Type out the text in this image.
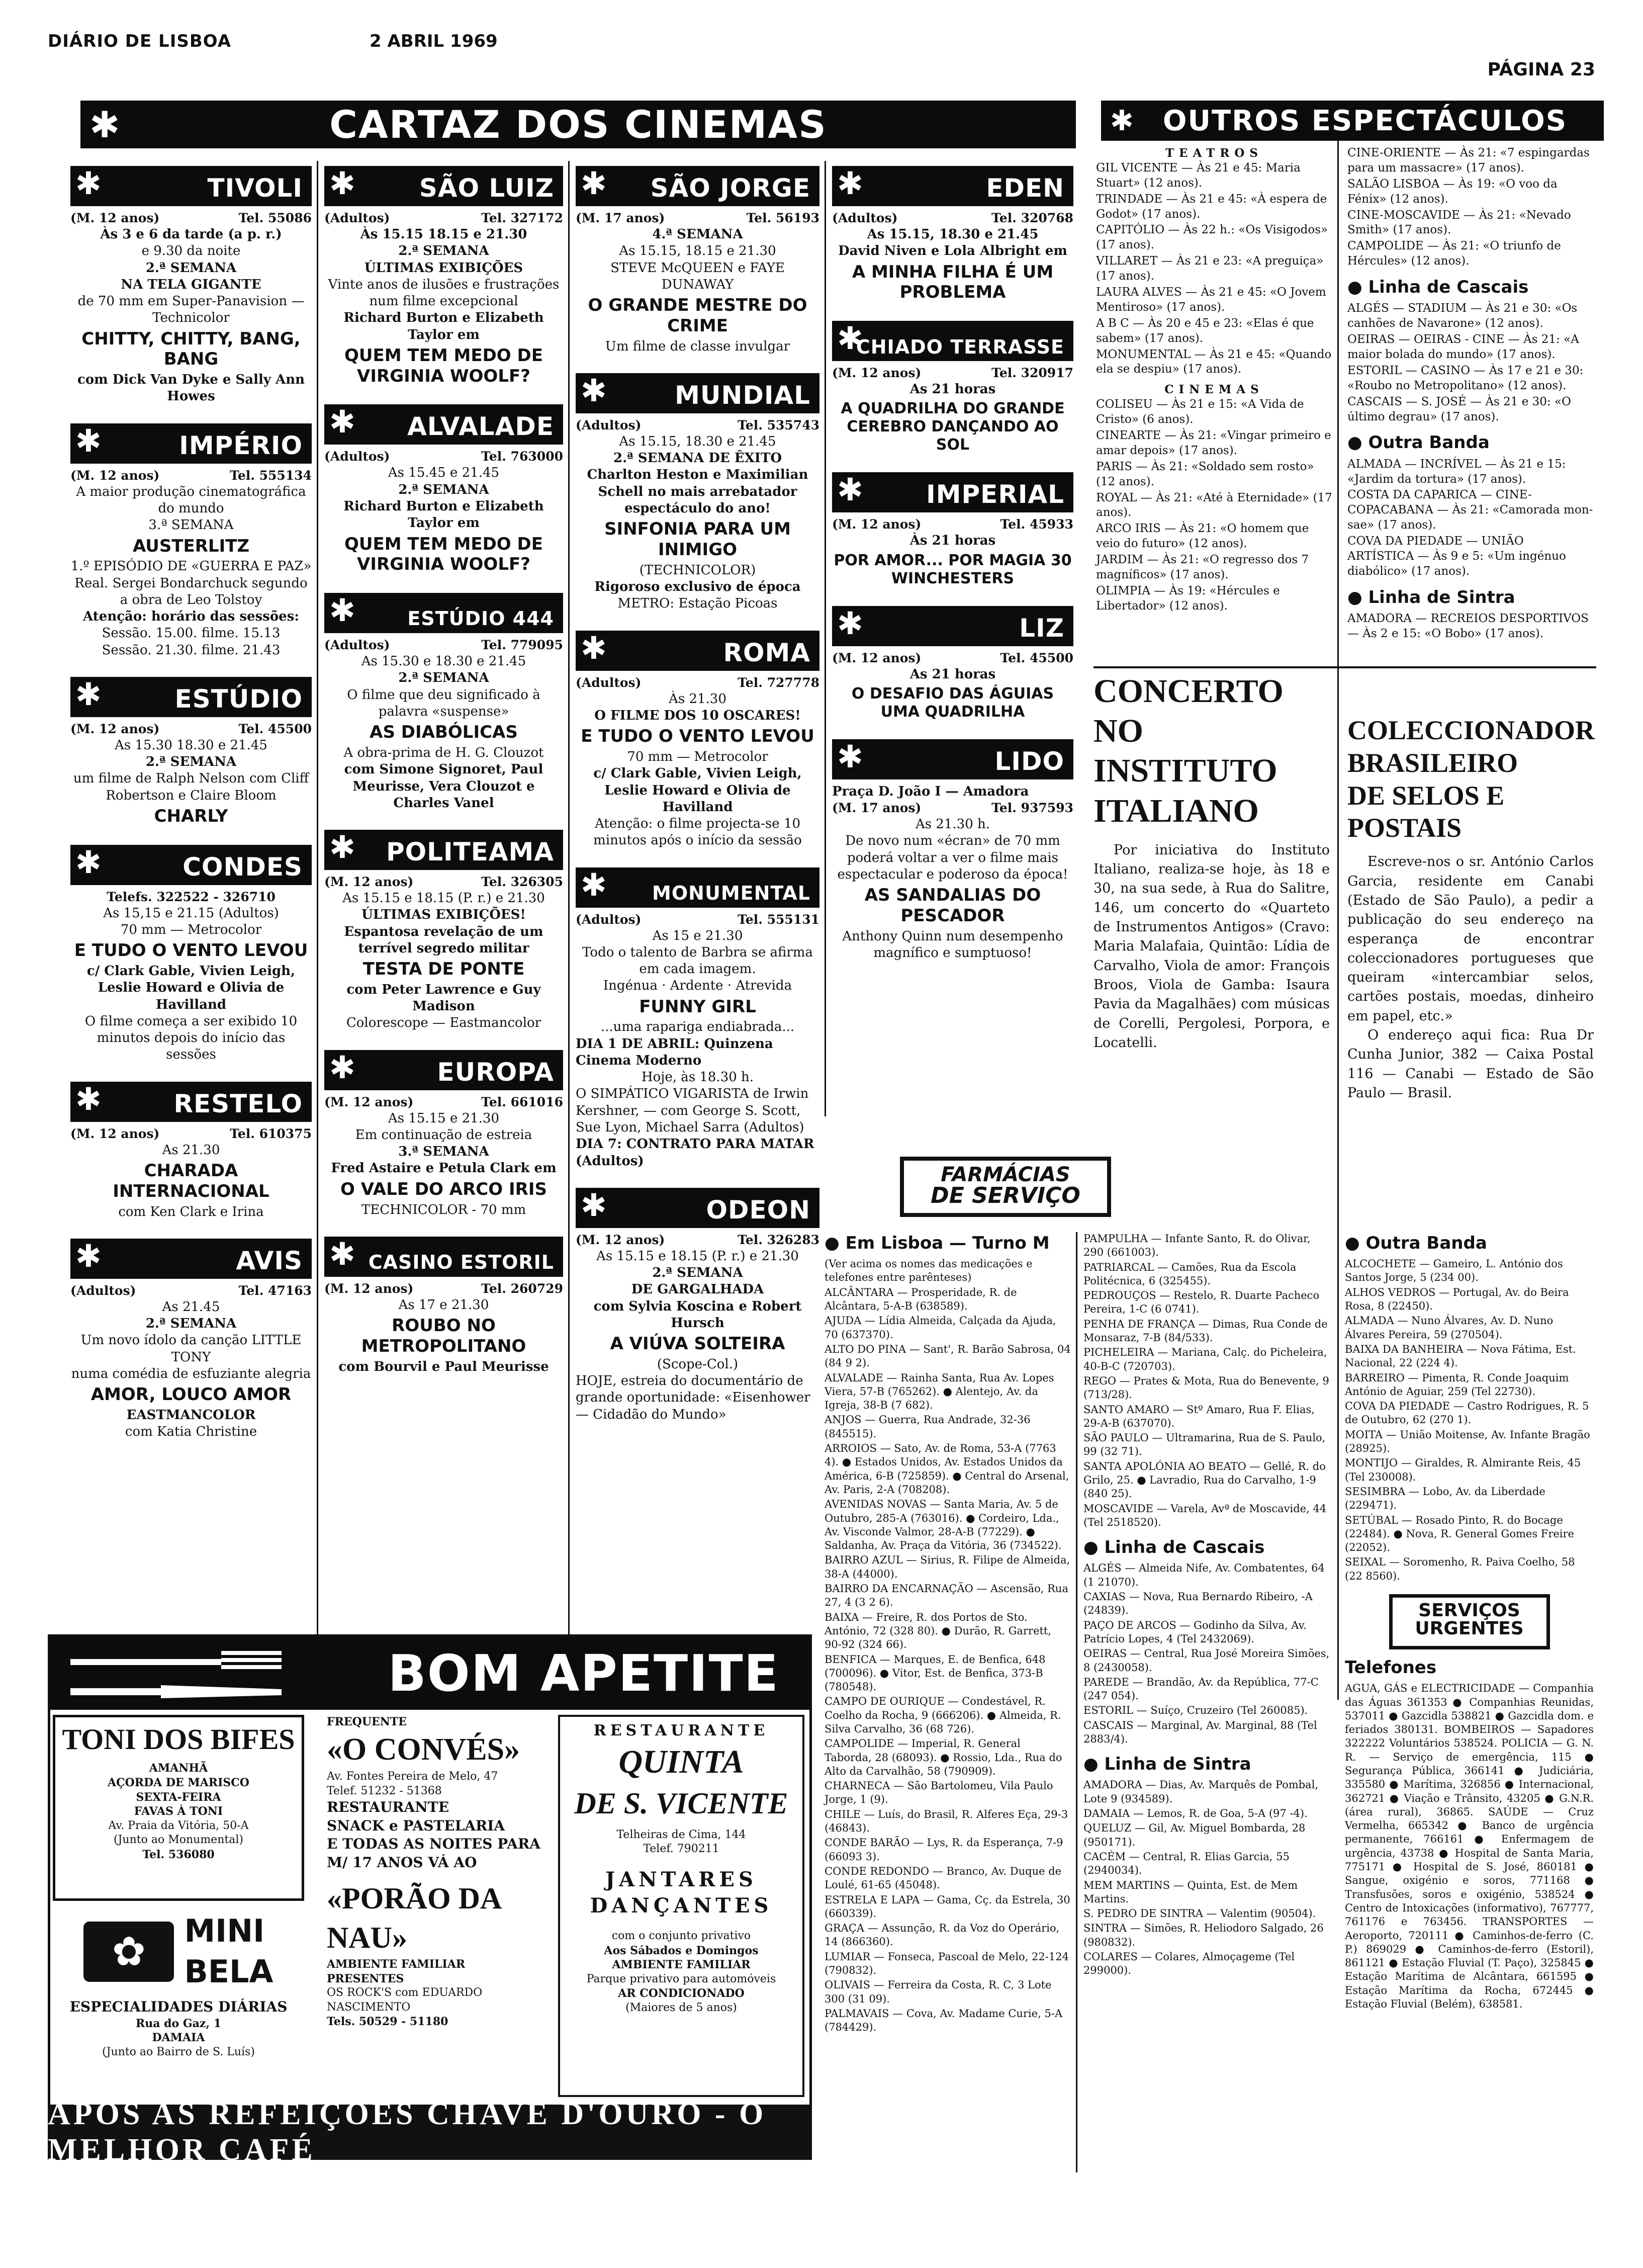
DIÁRIO DE LISBOA	2 ABRIL 1969
PÁGINA 23
✱	CARTAZ DOS CINEMAS
✱	TIVOLI
(M. 12 anos)	Tel. 55086
Às 3 e 6 da tarde (a p. r.)
e 9.30 da noite
2.ª SEMANA
NA TELA GIGANTE
de 70 mm em Super-Panavision — Technicolor
CHITTY, CHITTY, BANG, BANG
com Dick Van Dyke e Sally Ann Howes
✱	IMPÉRIO
(M. 12 anos)	Tel. 555134
A maior produção cinematográfica do mundo
3.ª SEMANA
AUSTERLITZ
1.º EPISÓDIO DE «GUERRA E PAZ»
Real. Sergei Bondarchuck segundo a obra de Leo Tolstoy
Atenção: horário das sessões:
Sessão. 15.00. filme. 15.13
Sessão. 21.30. filme. 21.43
✱	ESTÚDIO
(M. 12 anos)	Tel. 45500
As 15.30 18.30 e 21.45
2.ª SEMANA
um filme de Ralph Nelson com Cliff Robertson e Claire Bloom
CHARLY
✱	CONDES
Telefs. 322522 - 326710
As 15,15 e 21.15 (Adultos)
70 mm — Metrocolor
E TUDO O VENTO LEVOU
c/ Clark Gable, Vivien Leigh, Leslie Howard e Olivia de Havilland
O filme começa a ser exibido 10 minutos depois do início das sessões
✱	RESTELO
(M. 12 anos)	Tel. 610375
As 21.30
CHARADA INTERNACIONAL
com Ken Clark e Irina
✱	AVIS
(Adultos)	Tel. 47163
As 21.45
2.ª SEMANA
Um novo ídolo da canção LITTLE TONY
numa comédia de esfuziante alegria
AMOR, LOUCO AMOR
EASTMANCOLOR
com Katia Christine
✱	SÃO LUIZ
(Adultos)	Tel. 327172
Às 15.15 18.15 e 21.30
2.ª SEMANA
ÚLTIMAS EXIBIÇÕES
Vinte anos de ilusões e frustrações num filme excepcional
Richard Burton e Elizabeth Taylor em
QUEM TEM MEDO DE VIRGINIA WOOLF?
✱ ALVALADE
(Adultos)	Tel. 763000
As 15.45 e 21.45
2.ª SEMANA
Richard Burton e Elizabeth Taylor em
QUEM TEM MEDO DE VIRGINIA WOOLF?
✱	ESTÚDIO 444
(Adultos)	Tel. 779095
As 15.30 e 18.30 e 21.45
2.ª SEMANA
O filme que deu significado à palavra «suspense»
AS DIABÓLICAS
A obra-prima de H. G. Clouzot
com Simone Signoret, Paul Meurisse, Vera Clouzot e Charles Vanel
✱ POLITEAMA
(M. 12 anos)	Tel. 326305
As 15.15 e 18.15 (P. r.) e 21.30
ÚLTIMAS EXIBIÇÕES!
Espantosa revelação de um terrível segredo militar
TESTA DE PONTE
com Peter Lawrence e Guy Madison
Colorescope — Eastmancolor
✱	EUROPA
(M. 12 anos)	Tel. 661016
As 15.15 e 21.30
Em continuação de estreia
3.ª SEMANA
Fred Astaire e Petula Clark em
O VALE DO ARCO IRIS
TECHNICOLOR - 70 mm
✱ CASINO ESTORIL
(M. 12 anos)	Tel. 260729
As 17 e 21.30
ROUBO NO METROPOLITANO
com Bourvil e Paul Meurisse
✱ SÃO JORGE
(M. 17 anos)	Tel. 56193
4.ª SEMANA
As 15.15, 18.15 e 21.30
STEVE McQUEEN e FAYE DUNAWAY
O GRANDE MESTRE DO CRIME
Um filme de classe invulgar
✱	MUNDIAL
(Adultos)	Tel. 535743
As 15.15, 18.30 e 21.45
2.ª SEMANA DE ÊXITO
Charlton Heston e Maximilian Schell no mais arrebatador espectáculo do ano!
SINFONIA PARA UM INIMIGO
(TECHNICOLOR)
Rigoroso exclusivo de época
METRO: Estação Picoas
✱	ROMA
(Adultos)	Tel. 727778
Às 21.30
O FILME DOS 10 OSCARES!
E TUDO O VENTO LEVOU
70 mm — Metrocolor
c/ Clark Gable, Vivien Leigh, Leslie Howard e Olivia de Havilland
Atenção: o filme projecta-se 10 minutos após o início da sessão
✱ MONUMENTAL
(Adultos)	Tel. 555131
As 15 e 21.30
Todo o talento de Barbra se afirma em cada imagem.
Ingénua · Ardente · Atrevida
FUNNY GIRL
...uma rapariga endiabrada...
DIA 1 DE ABRIL: Quinzena Cinema Moderno
Hoje, às 18.30 h.
O SIMPÁTICO VIGARISTA de Irwin Kershner, — com George S. Scott, Sue Lyon, Michael Sarra (Adultos)
DIA 7: CONTRATO PARA MATAR (Adultos)
✱	ODEON
(M. 12 anos)	Tel. 326283
As 15.15 e 18.15 (P. r.) e 21.30
2.ª SEMANA
DE GARGALHADA
com Sylvia Koscina e Robert Hursch
A VIÚVA SOLTEIRA
(Scope-Col.)
HOJE, estreia do documentário de grande oportunidade: «Eisenhower — Cidadão do Mundo»
✱	EDEN
(Adultos)	Tel. 320768
As 15.15, 18.30 e 21.45
David Niven e Lola Albright em
A MINHA FILHA É UM PROBLEMA
✱
CHIADO TERRASSE
(M. 12 anos)	Tel. 320917
As 21 horas
A QUADRILHA DO GRANDE CEREBRO DANÇANDO AO SOL
✱ IMPERIAL
(M. 12 anos)	Tel. 45933
Às 21 horas
POR AMOR... POR MAGIA 30 WINCHESTERS
✱	LIZ
(M. 12 anos)	Tel. 45500
As 21 horas
O DESAFIO DAS ÁGUIAS UMA QUADRILHA
✱	LIDO
Praça D. João I — Amadora
(M. 17 anos)	Tel. 937593
As 21.30 h.
De novo num «écran» de 70 mm poderá voltar a ver o filme mais espectacular e poderoso da época!
AS SANDALIAS DO PESCADOR
Anthony Quinn num desempenho magnífico e sumptuoso!
✱ OUTROS ESPECTÁCULOS
TEATROS
GIL VICENTE — Às 21 e 45: Maria Stuart» (12 anos).
TRINDADE — Às 21 e 45: «À espera de Godot» (17 anos).
CAPITÓLIO — Às 22 h.: «Os Visigodos» (17 anos).
VILLARET — Às 21 e 23: «A preguiça» (17 anos).
LAURA ALVES — Às 21 e 45: «O Jovem Mentiroso» (17 anos).
A B C — Às 20 e 45 e 23: «Elas é que sabem» (17 anos).
MONUMENTAL — Às 21 e 45: «Quando ela se despiu» (17 anos).
CINEMAS
COLISEU — Às 21 e 15: «A Vida de Cristo» (6 anos).
CINEARTE — Às 21: «Vingar primeiro e amar depois» (17 anos).
PARIS — Às 21: «Soldado sem rosto» (12 anos).
ROYAL — Às 21: «Até à Eternidade» (17 anos).
ARCO IRIS — Às 21: «O homem que veio do futuro» (12 anos).
JARDIM — Às 21: «O regresso dos 7 magníficos» (17 anos).
OLIMPIA — Às 19: «Hércules e Libertador» (12 anos).
CINE-ORIENTE — Às 21: «7 espingardas para um massacre» (17 anos).
SALÃO LISBOA — Às 19: «O voo da Fénix» (12 anos).
CINE-MOSCAVIDE — Às 21: «Nevado Smith» (17 anos).
CAMPOLIDE — Às 21: «O triunfo de Hércules» (12 anos).
● Linha de Cascais
ALGÉS — STADIUM — Às 21 e 30: «Os canhões de Navarone» (12 anos).
OEIRAS — OEIRAS - CINE — Às 21: «A maior bolada do mundo» (17 anos).
ESTORIL — CASINO — Às 17 e 21 e 30: «Roubo no Metropolitano» (12 anos).
CASCAIS — S. JOSÉ — Às 21 e 30: «O último degrau» (17 anos).
● Outra Banda
ALMADA — INCRÍVEL — Às 21 e 15: «Jardim da tortura» (17 anos).
COSTA DA CAPARICA — CINE-COPACABANA — Às 21: «Camorada mon-sae» (17 anos).
COVA DA PIEDADE — UNIÃO ARTÍSTICA — Às 9 e 5: «Um ingénuo diabólico» (17 anos).
● Linha de Sintra
AMADORA — RECREIOS DESPORTIVOS — Às 2 e 15: «O Bobo» (17 anos).
CONCERTO
NO INSTITUTO
ITALIANO
Por iniciativa do Instituto Italiano, realiza-se hoje, às 18 e 30, na sua sede, à Rua do Salitre, 146, um concerto do «Quarteto de Instrumentos Antigos» (Cravo: Maria Malafaia, Quintão: Lídia de Carvalho, Viola de amor: François Broos, Viola de Gamba: Isaura Pavia da Magalhães) com músicas de Corelli, Pergolesi, Porpora, e Locatelli.
COLECCIONADOR
BRASILEIRO
DE SELOS E POSTAIS
Escreve-nos o sr. António Carlos Garcia, residente em Canabi (Estado de São Paulo), a pedir a publicação do seu endereço na esperança de encontrar coleccionadores portugueses que queiram «intercambiar selos, cartões postais, moedas, dinheiro em papel, etc.»
O endereço aqui fica: Rua Dr Cunha Junior, 382 — Caixa Postal 116 — Canabi — Estado de São Paulo — Brasil.
FARMÁCIAS
DE SERVIÇO
● Em Lisboa — Turno M
(Ver acima os nomes das medicações e telefones entre parênteses)
ALCÂNTARA — Prosperidade, R. de Alcântara, 5-A-B (638589).
AJUDA — Lídia Almeida, Calçada da Ajuda, 70 (637370).
ALTO DO PINA — Sant', R. Barão Sabrosa, 04 (84 9 2).
ALVALADE — Rainha Santa, Rua Av. Lopes Viera, 57-B (765262). ● Alentejo, Av. da Igreja, 38-B (7 682).
ANJOS — Guerra, Rua Andrade, 32-36 (845515).
ARROIOS — Sato, Av. de Roma, 53-A (7763 4). ● Estados Unidos, Av. Estados Unidos da América, 6-B (725859). ● Central do Arsenal, Av. Paris, 2-A (708208).
AVENIDAS NOVAS — Santa Maria, Av. 5 de Outubro, 285-A (763016). ● Cordeiro, Lda., Av. Visconde Valmor, 28-A-B (77229). ● Saldanha, Av. Praça da Vitória, 36 (734522).
BAIRRO AZUL — Sirius, R. Filipe de Almeida, 38-A (44000).
BAIRRO DA ENCARNAÇÃO — Ascensão, Rua 27, 4 (3 2 6).
BAIXA — Freire, R. dos Portos de Sto. António, 72 (328 80). ● Durão, R. Garrett, 90-92 (324 66).
BENFICA — Marques, E. de Benfica, 648 (700096). ● Vitor, Est. de Benfica, 373-B (780548).
CAMPO DE OURIQUE — Condestável, R. Coelho da Rocha, 9 (666206). ● Almeida, R. Silva Carvalho, 36 (68 726).
CAMPOLIDE — Imperial, R. General Taborda, 28 (68093). ● Rossio, Lda., Rua do Alto da Carvalhão, 58 (790909).
CHARNECA — São Bartolomeu, Vila Paulo Jorge, 1 (9).
CHILE — Luís, do Brasil, R. Alferes Eça, 29-3 (46843).
CONDE BARÃO — Lys, R. da Esperança, 7-9 (66093 3).
CONDE REDONDO — Branco, Av. Duque de Loulé, 61-65 (45048).
ESTRELA E LAPA — Gama, Cç. da Estrela, 30 (660339).
GRAÇA — Assunção, R. da Voz do Operário, 14 (866360).
LUMIAR — Fonseca, Pascoal de Melo, 22-124 (790832).
OLIVAIS — Ferreira da Costa, R. C, 3 Lote 300 (31 09).
PALMAVAIS — Cova, Av. Madame Curie, 5-A (784429).
PAMPULHA — Infante Santo, R. do Olivar, 290 (661003).
PATRIARCAL — Camões, Rua da Escola Politécnica, 6 (325455).
PEDROUÇOS — Restelo, R. Duarte Pacheco Pereira, 1-C (6 0741).
PENHA DE FRANÇA — Dimas, Rua Conde de Monsaraz, 7-B (84/533).
PICHELEIRA — Mariana, Calç. do Picheleira, 40-B-C (720703).
REGO — Prates & Mota, Rua do Benevente, 9 (713/28).
SANTO AMARO — Stº Amaro, Rua F. Elias, 29-A-B (637070).
SÃO PAULO — Ultramarina, Rua de S. Paulo, 99 (32 71).
SANTA APOLÓNIA AO BEATO — Gellé, R. do Grilo, 25. ● Lavradio, Rua do Carvalho, 1-9 (840 25).
MOSCAVIDE — Varela, Avª de Moscavide, 44 (Tel 2518520).
● Linha de Cascais
ALGÉS — Almeida Nife, Av. Combatentes, 64 (1 21070).
CAXIAS — Nova, Rua Bernardo Ribeiro, -A (24839).
PAÇO DE ARCOS — Godinho da Silva, Av. Patrício Lopes, 4 (Tel 2432069).
OEIRAS — Central, Rua José Moreira Simões, 8 (2430058).
PAREDE — Brandão, Av. da República, 77-C (247 054).
ESTORIL — Suíço, Cruzeiro (Tel 260085).
CASCAIS — Marginal, Av. Marginal, 88 (Tel 2883/4).
● Linha de Sintra
AMADORA — Dias, Av. Marquês de Pombal, Lote 9 (934589).
DAMAIA — Lemos, R. de Goa, 5-A (97 -4).
QUELUZ — Gil, Av. Miguel Bombarda, 28 (950171).
CACÉM — Central, R. Elias Garcia, 55 (2940034).
MEM MARTINS — Quinta, Est. de Mem Martins.
S. PEDRO DE SINTRA — Valentim (90504).
SINTRA — Simões, R. Heliodoro Salgado, 26 (980832).
COLARES — Colares, Almoçageme (Tel 299000).
● Outra Banda
ALCOCHETE — Gameiro, L. António dos Santos Jorge, 5 (234 00).
ALHOS VEDROS — Portugal, Av. do Beira Rosa, 8 (22450).
ALMADA — Nuno Álvares, Av. D. Nuno Álvares Pereira, 59 (270504).
BAIXA DA BANHEIRA — Nova Fátima, Est. Nacional, 22 (224 4).
BARREIRO — Pimenta, R. Conde Joaquim António de Aguiar, 259 (Tel 22730).
COVA DA PIEDADE — Castro Rodrigues, R. 5 de Outubro, 62 (270 1).
MOITA — União Moitense, Av. Infante Bragão (28925).
MONTIJO — Giraldes, R. Almirante Reis, 45 (Tel 230008).
SESIMBRA — Lobo, Av. da Liberdade (229471).
SETÚBAL — Rosado Pinto, R. do Bocage (22484). ● Nova, R. General Gomes Freire (22052).
SEIXAL — Soromenho, R. Paiva Coelho, 58 (22 8560).
SERVIÇOS
URGENTES
Telefones
AGUA, GÁS e ELECTRICIDADE — Companhia das Águas 361353 ● Companhias Reunidas, 537011 ● Gazcidla 538821 ● Gazcidla dom. e feriados 380131. BOMBEIROS — Sapadores 322222 Voluntários 538524. POLICIA — G. N. R. — Serviço de emergência, 115 ● Segurança Pública, 366141 ● Judiciária, 335580 ● Marítima, 326856 ● Internacional, 362721 ● Viação e Trânsito, 43205 ● G.N.R. (área rural), 36865. SAÚDE — Cruz Vermelha, 665342 ● Banco de urgência permanente, 766161 ● Enfermagem de urgência, 43738 ● Hospital de Santa Maria, 775171 ● Hospital de S. José, 860181 ● Sangue, oxigénio e soros, 771168 ● Transfusões, soros e oxigénio, 538524 ● Centro de Intoxicações (informativo), 767777, 761176 e 763456. TRANSPORTES — Aeroporto, 720111 ● Caminhos-de-ferro (C. P.) 869029 ● Caminhos-de-ferro (Estoril), 861121 ● Estação Fluvial (T. Paço), 325845 ● Estação Marítima de Alcântara, 661595 ● Estação Marítima da Rocha, 672445 ● Estação Fluvial (Belém), 638581.
BOM APETITE
TONI DOS BIFES
AMANHÃ
AÇORDA DE MARISCO
SEXTA-FEIRA
FAVAS À TONI
Av. Praia da Vitória, 50-A
(Junto ao Monumental)
Tel. 536080
✿	MINI
BELA
ESPECIALIDADES DIÁRIAS
Rua do Gaz, 1
DAMAIA
(Junto ao Bairro de S. Luís)
FREQUENTE
«O CONVÉS»
Av. Fontes Pereira de Melo, 47
Telef. 51232 - 51368
RESTAURANTE
SNACK e PASTELARIA
E TODAS AS NOITES PARA M/ 17 ANOS VÁ AO
«PORÃO DA NAU»
AMBIENTE FAMILIAR
PRESENTES
OS ROCK'S com EDUARDO NASCIMENTO
Tels. 50529 - 51180
RESTAURANTE
QUINTA
DE S. VICENTE
Telheiras de Cima, 144
Telef. 790211
JANTARES DANÇANTES
com o conjunto privativo
Aos Sábados e Domingos
AMBIENTE FAMILIAR
Parque privativo para automóveis
AR CONDICIONADO
(Maiores de 5 anos)
APÓS AS REFEIÇÕES CHAVE D'OURO - O MELHOR CAFÉ
